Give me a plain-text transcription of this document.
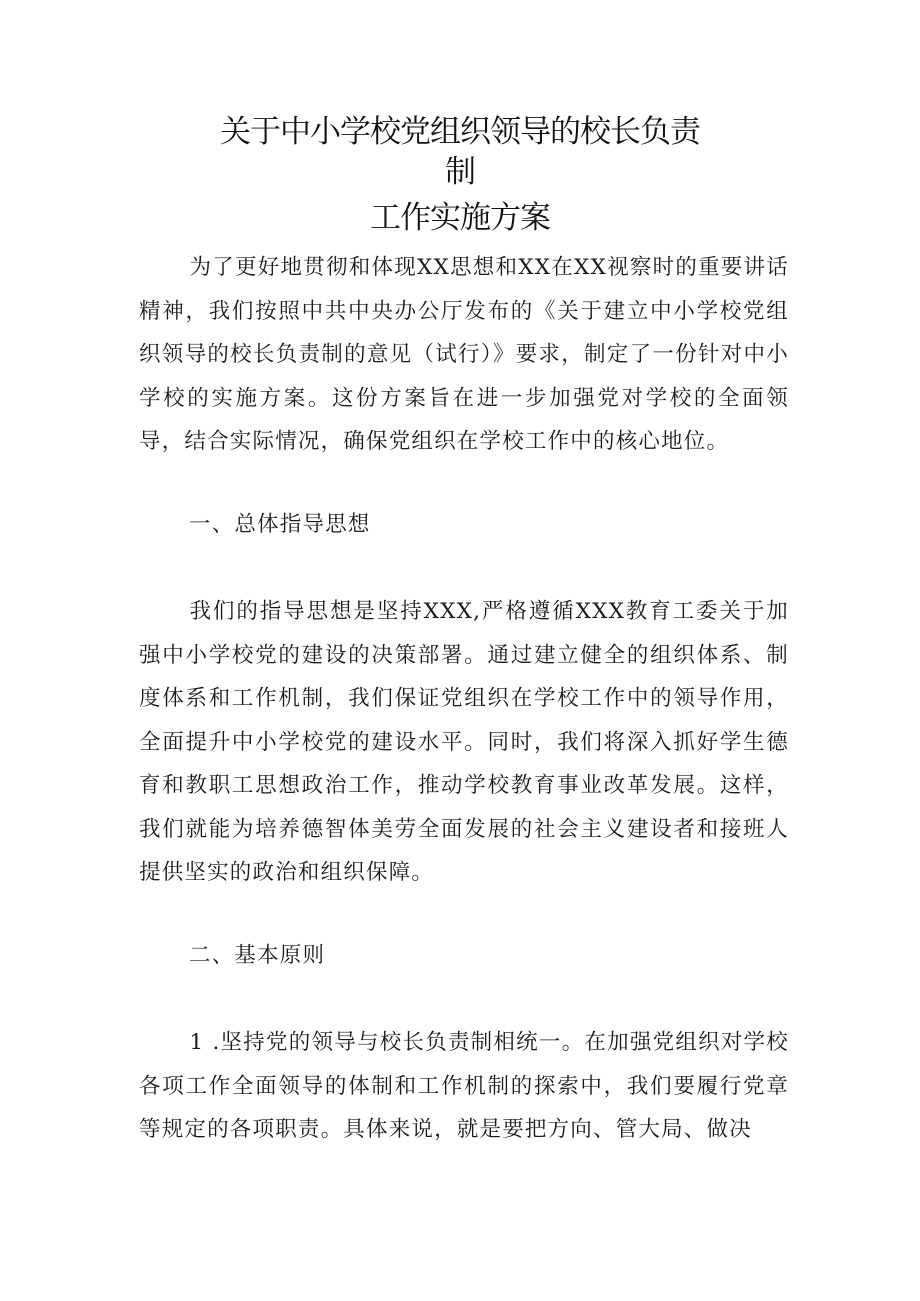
关于中小学校党组织领导的校长负责
制
工作实施方案

为了更好地贯彻和体现XX思想和XX在XX视察时的重要讲话精神，我们按照中共中央办公厅发布的《关于建立中小学校党组织领导的校长负责制的意见（试行）》要求，制定了一份针对中小学校的实施方案。这份方案旨在进一步加强党对学校的全面领导，结合实际情况，确保党组织在学校工作中的核心地位。

一、总体指导思想

我们的指导思想是坚持XXX,严格遵循XXX教育工委关于加强中小学校党的建设的决策部署。通过建立健全的组织体系、制度体系和工作机制，我们保证党组织在学校工作中的领导作用，全面提升中小学校党的建设水平。同时，我们将深入抓好学生德育和教职工思想政治工作，推动学校教育事业改革发展。这样，我们就能为培养德智体美劳全面发展的社会主义建设者和接班人提供坚实的政治和组织保障。

二、基本原则

1 .坚持党的领导与校长负责制相统一。在加强党组织对学校各项工作全面领导的体制和工作机制的探索中，我们要履行党章等规定的各项职责。具体来说，就是要把方向、管大局、做决
